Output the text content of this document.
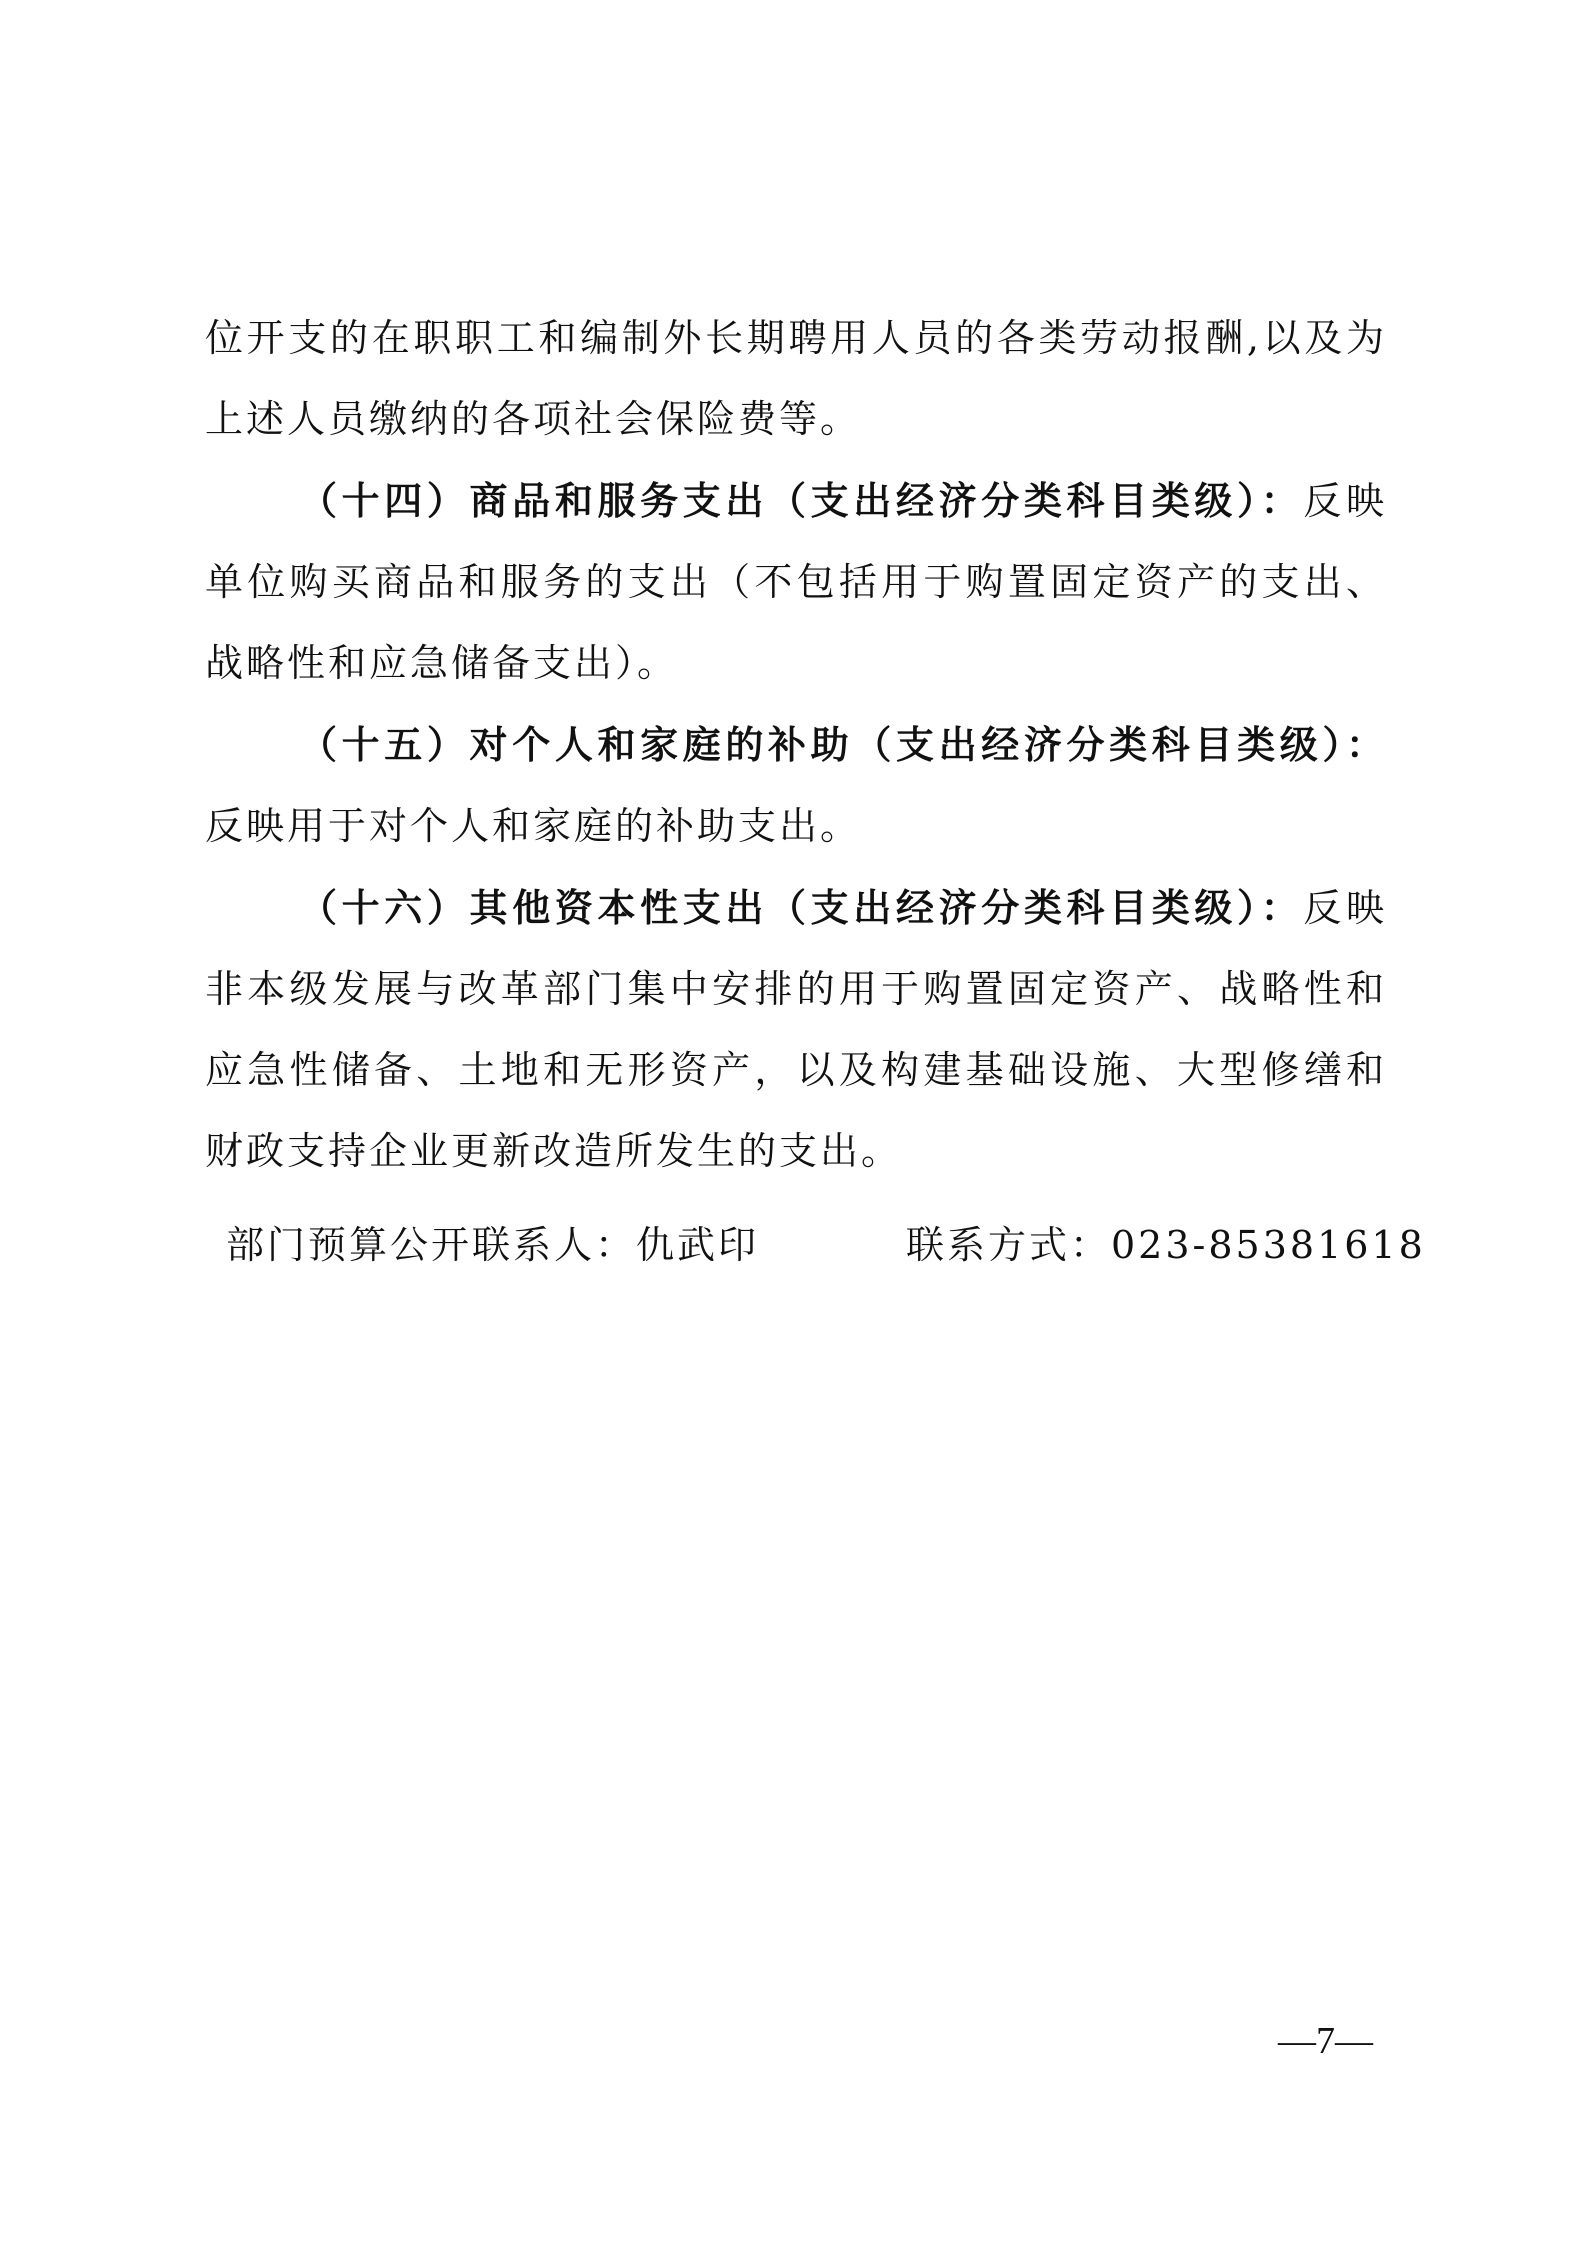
位开支的在职职工和编制外长期聘用人员的各类劳动报酬,以及为上述人员缴纳的各项社会保险费等。

（十四）商品和服务支出（支出经济分类科目类级）：反映单位购买商品和服务的支出（不包括用于购置固定资产的支出、战略性和应急储备支出）。

（十五）对个人和家庭的补助（支出经济分类科目类级）：反映用于对个人和家庭的补助支出。

（十六）其他资本性支出（支出经济分类科目类级）：反映非本级发展与改革部门集中安排的用于购置固定资产、战略性和应急性储备、土地和无形资产，以及构建基础设施、大型修缮和财政支持企业更新改造所发生的支出。

部门预算公开联系人：仇武印	联系方式：023-85381618
—7—
